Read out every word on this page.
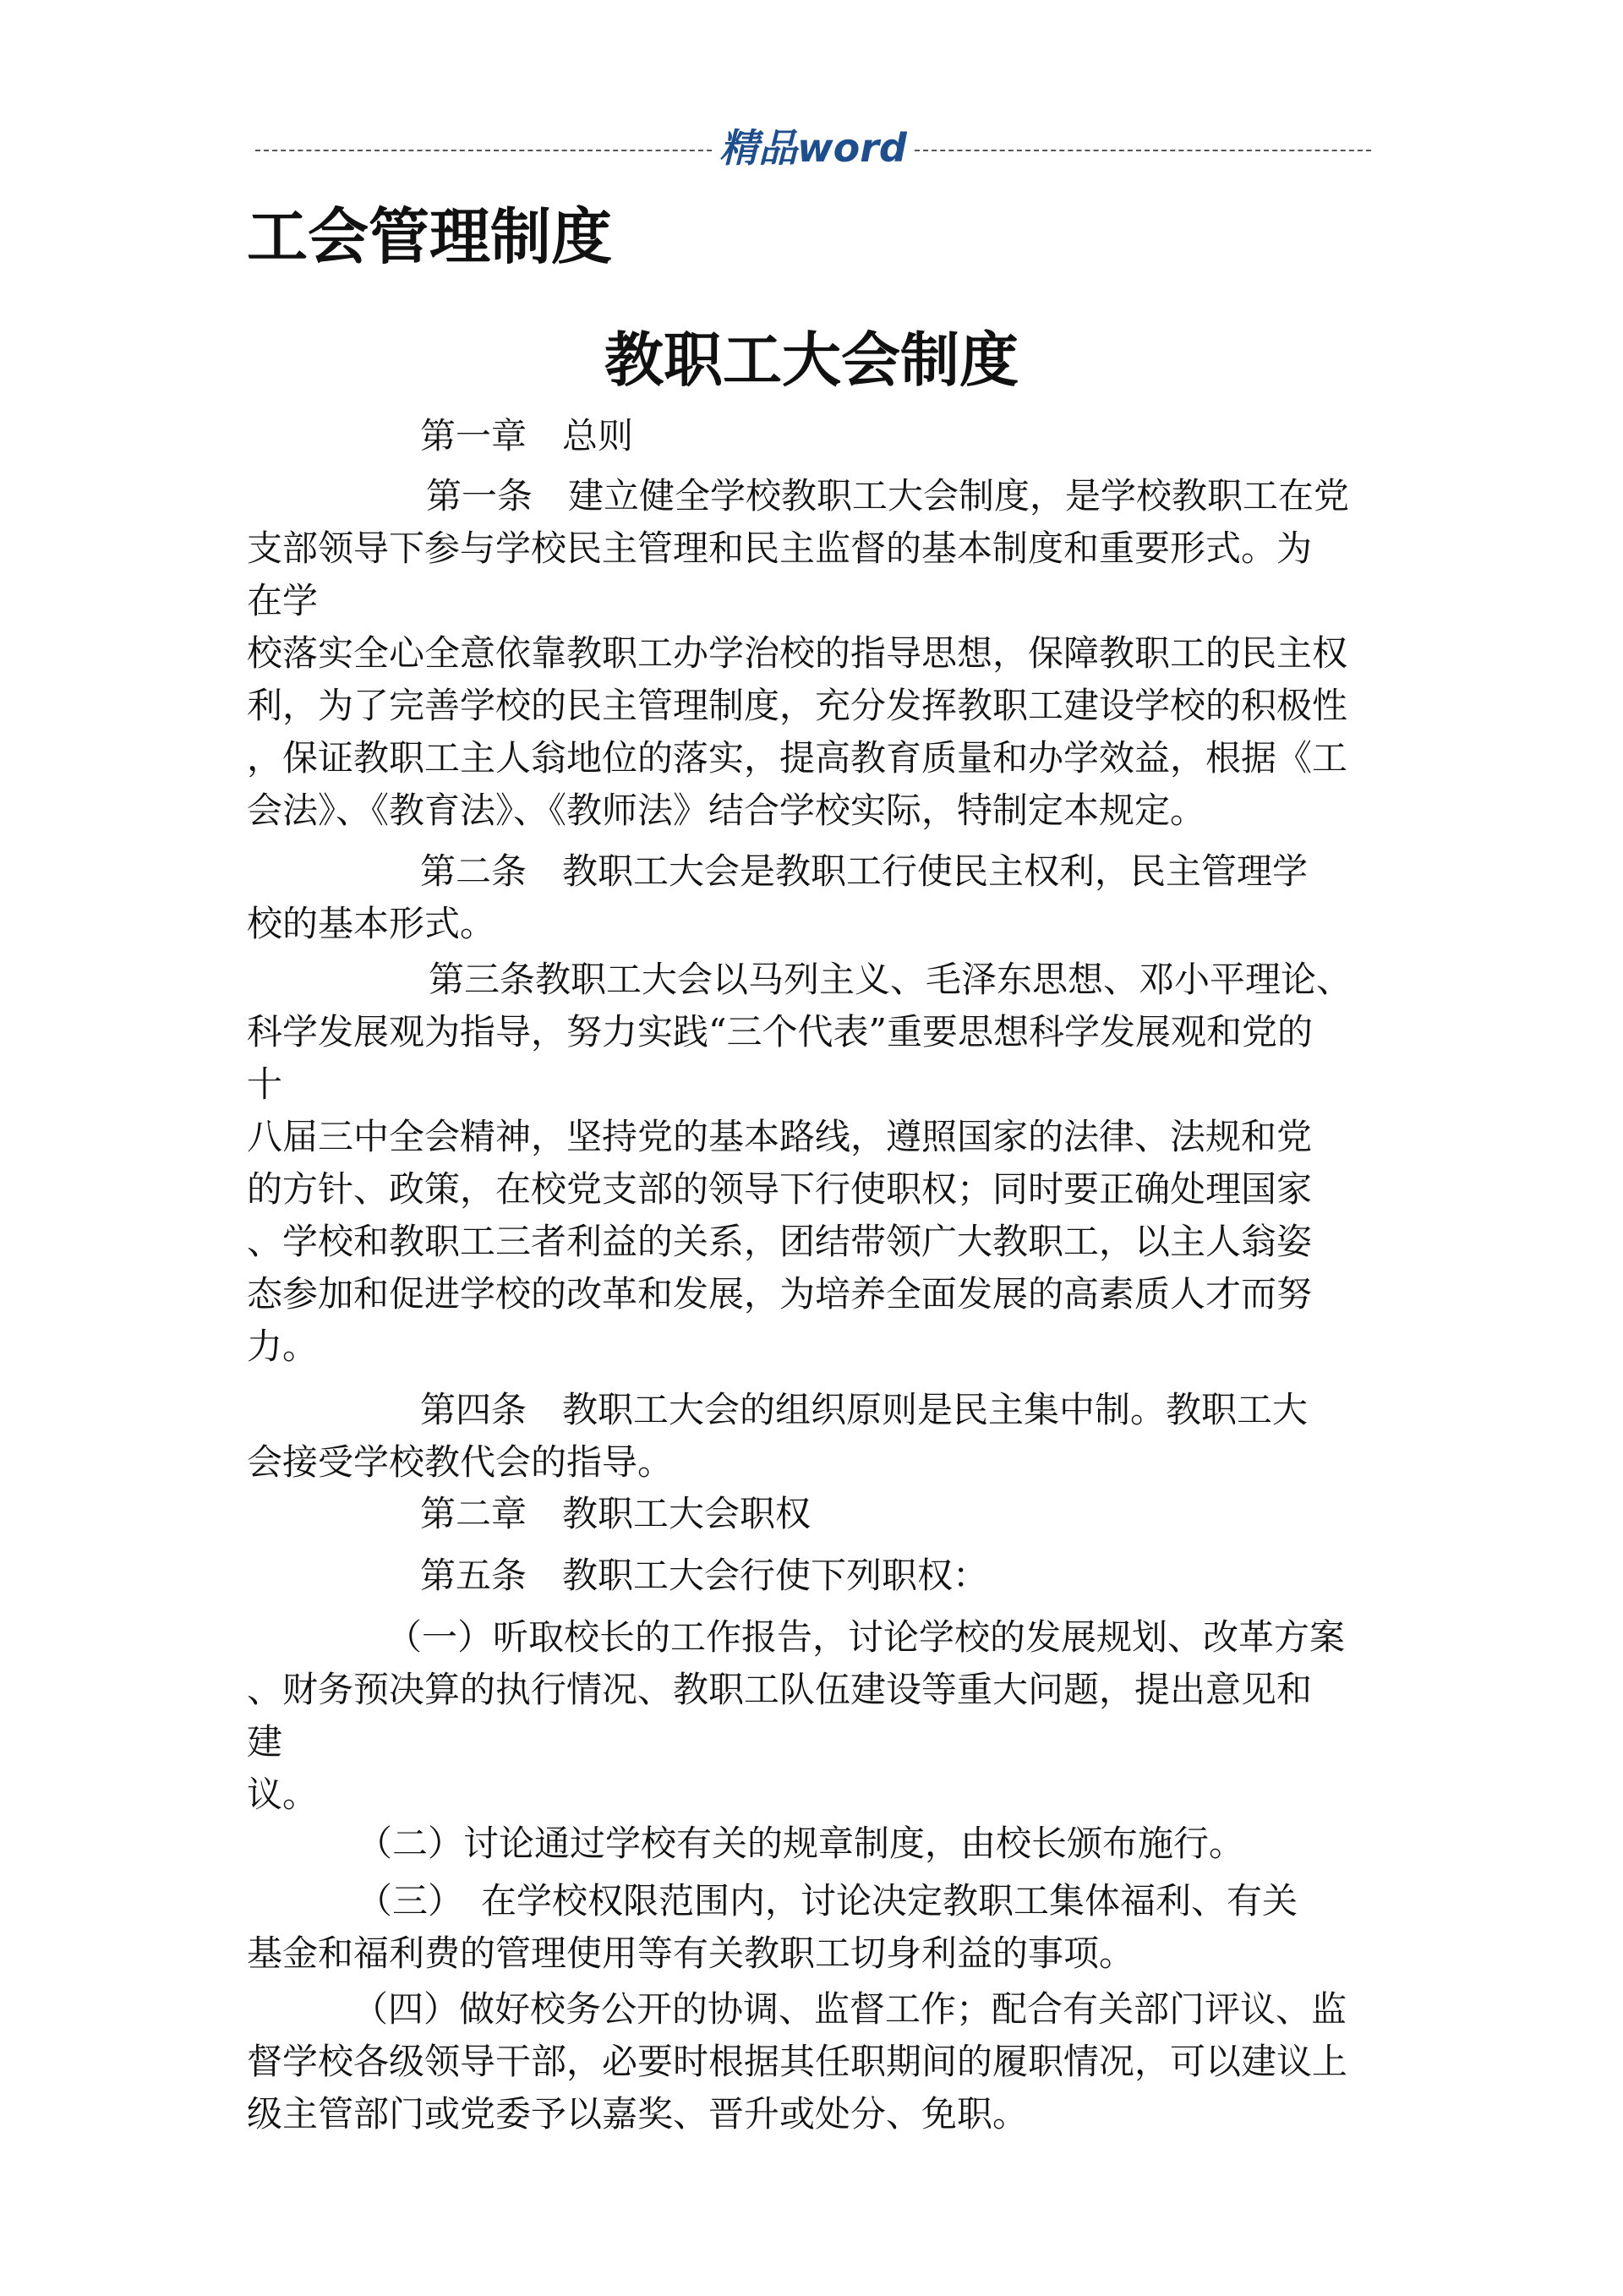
精品word
工会管理制度
教职工大会制度

第一章　总则

　第一条　建立健全学校教职工大会制度，是学校教职工在党
支部领导下参与学校民主管理和民主监督的基本制度和重要形式。为
在学
校落实全心全意依靠教职工办学治校的指导思想，保障教职工的民主权
利，为了完善学校的民主管理制度，充分发挥教职工建设学校的积极性
，保证教职工主人翁地位的落实，提高教育质量和办学效益，根据《工
会法》、《教育法》、《教师法》结合学校实际，特制定本规定。

第二条　教职工大会是教职工行使民主权利，民主管理学
校的基本形式。

第三条教职工大会以马列主义、毛泽东思想、邓小平理论、
科学发展观为指导，努力实践“三个代表”重要思想科学发展观和党的
十
八届三中全会精神，坚持党的基本路线，遵照国家的法律、法规和党
的方针、政策，在校党支部的领导下行使职权；同时要正确处理国家
、学校和教职工三者利益的关系，团结带领广大教职工，以主人翁姿
态参加和促进学校的改革和发展，为培养全面发展的高素质人才而努
力。

第四条　教职工大会的组织原则是民主集中制。教职工大
会接受学校教代会的指导。

第二章　教职工大会职权

第五条　教职工大会行使下列职权：

（一）听取校长的工作报告，讨论学校的发展规划、改革方案
、财务预决算的执行情况、教职工队伍建设等重大问题，提出意见和
建
议。

（二）讨论通过学校有关的规章制度，由校长颁布施行。

（三）　在学校权限范围内，讨论决定教职工集体福利、有关
基金和福利费的管理使用等有关教职工切身利益的事项。

（四）做好校务公开的协调、监督工作；配合有关部门评议、监
督学校各级领导干部，必要时根据其任职期间的履职情况，可以建议上
级主管部门或党委予以嘉奖、晋升或处分、免职。
